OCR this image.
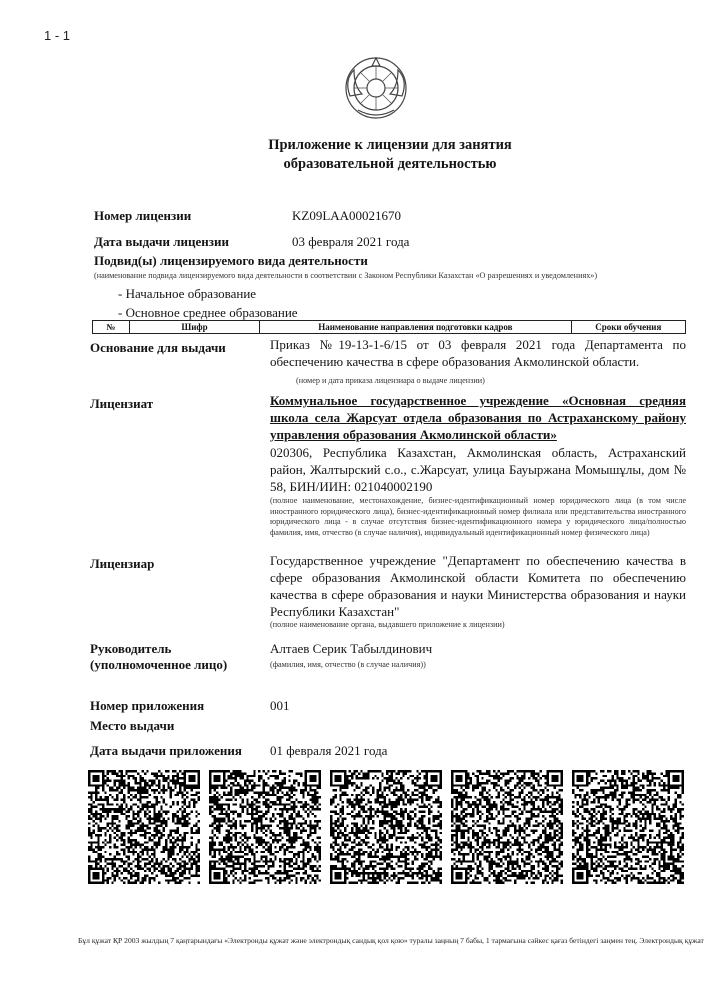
1 - 1
Приложение к лицензии для занятия образовательной деятельностью
Номер лицензии	KZ09LAA00021670
Дата выдачи лицензии	03 февраля 2021 года
Подвид(ы) лицензируемого вида деятельности
(наименование подвида лицензируемого вида деятельности в соответствии с Законом Республики Казахстан «О разрешениях и уведомлениях»)
- Начальное образование
- Основное среднее образование
№	Шифр	Наименование направления подготовки кадров	Сроки обучения
Основание для выдачи	Приказ №19-13-1-6/15 от 03 февраля 2021 года Департамента по обеспечению качества в сфере образования Акмолинской области.
(номер и дата приказа лицензиара о выдаче лицензии)
Лицензиат	Коммунальное государственное учреждение «Основная средняя школа села Жарсуат отдела образования по Астраханскому району управления образования Акмолинской области»
020306, Республика Казахстан, Акмолинская область, Астраханский район, Жалтырский с.о., с.Жарсуат, улица Бауыржана Момышұлы, дом № 58, БИН/ИИН: 021040002190
(полное наименование, местонахождение, бизнес-идентификационный номер юридического лица (в том числе иностранного юридического лица), бизнес-идентификационный номер филиала или представительства иностранного юридического лица - в случае отсутствия бизнес-идентификационного номера у юридического лица/полностью фамилия, имя, отчество (в случае наличия), индивидуальный идентификационный номер физического лица)
Лицензиар	Государственное учреждение "Департамент по обеспечению качества в сфере образования Акмолинской области Комитета по обеспечению качества в сфере образования и науки Министерства образования и науки Республики Казахстан"
(полное наименование органа, выдавшего приложение к лицензии)
Руководитель
(уполномоченное лицо)
Алтаев Серик Табылдинович
(фамилия, имя, отчество (в случае наличия))
Номер приложения	001
Место выдачи
Дата выдачи приложения 01 февраля 2021 года
Бұл құжат ҚР 2003 жылдың 7 қаңтарындағы «Электронды құжат және электрондық сандық қол қою» туралы заңның 7 бабы, 1 тармағына сәйкес қағаз бетіндегі заңмен тең. Электрондық құжат
